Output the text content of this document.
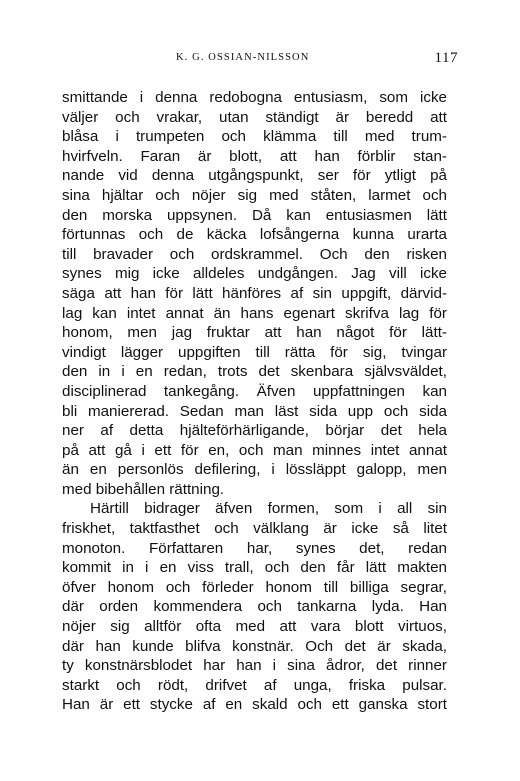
K. G. OSSIAN-NILSSON	117
smittande i denna redobogna entusiasm, som icke
väljer och vrakar, utan ständigt är beredd att
blåsa i trumpeten och klämma till med trum-
hvirfveln. Faran är blott, att han förblir stan-
nande vid denna utgångspunkt, ser för ytligt på
sina hjältar och nöjer sig med ståten, larmet och
den morska uppsynen. Då kan entusiasmen lätt
förtunnas och de käcka lofsångerna kunna urarta
till bravader och ordskrammel. Och den risken
synes mig icke alldeles undgången. Jag vill icke
säga att han för lätt hänföres af sin uppgift, därvid-
lag kan intet annat än hans egenart skrifva lag för
honom, men jag fruktar att han något för lätt-
vindigt lägger uppgiften till rätta för sig, tvingar
den in i en redan, trots det skenbara självsväldet,
disciplinerad tankegång. Äfven uppfattningen kan
bli maniererad. Sedan man läst sida upp och sida
ner af detta hjälteförhärligande, börjar det hela
på att gå i ett för en, och man minnes intet annat
än en personlös defilering, i lössläppt galopp, men
med bibehållen rättning.
Härtill bidrager äfven formen, som i all sin
friskhet, taktfasthet och välklang är icke så litet
monoton. Författaren har, synes det, redan
kommit in i en viss trall, och den får lätt makten
öfver honom och förleder honom till billiga segrar,
där orden kommendera och tankarna lyda. Han
nöjer sig alltför ofta med att vara blott virtuos,
där han kunde blifva konstnär. Och det är skada,
ty konstnärsblodet har han i sina ådror, det rinner
starkt och rödt, drifvet af unga, friska pulsar.
Han är ett stycke af en skald och ett ganska stort
